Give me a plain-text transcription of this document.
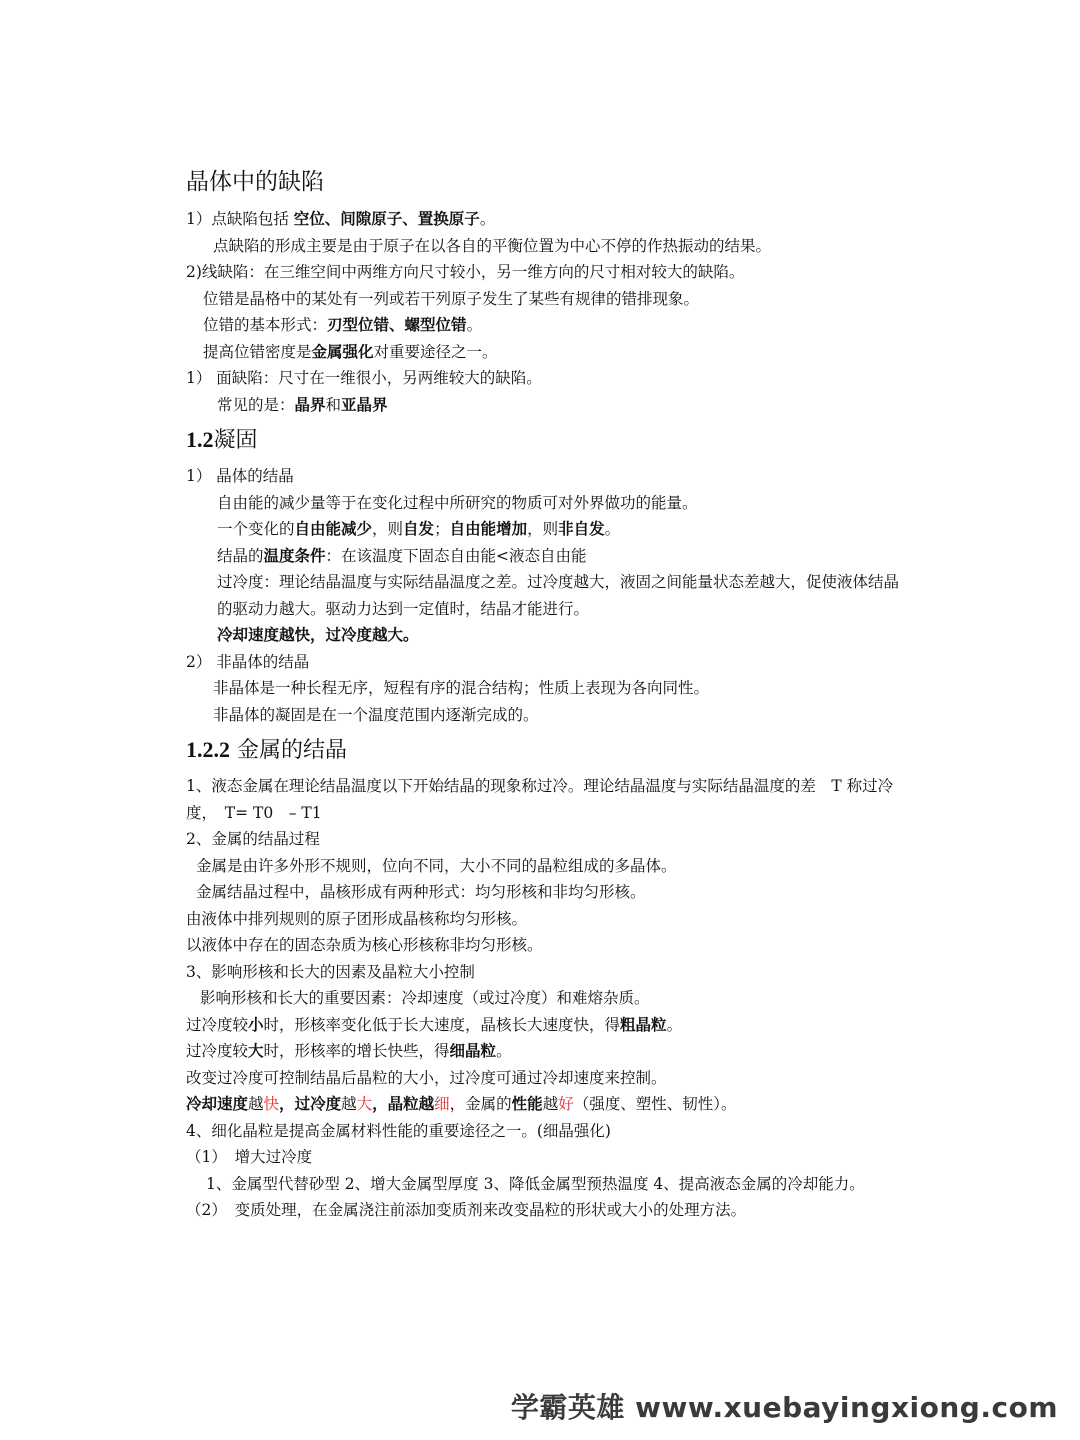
晶体中的缺陷
1）点缺陷包括 空位、间隙原子、置换原子。
点缺陷的形成主要是由于原子在以各自的平衡位置为中心不停的作热振动的结果。
2)线缺陷：在三维空间中两维方向尺寸较小，另一维方向的尺寸相对较大的缺陷。
位错是晶格中的某处有一列或若干列原子发生了某些有规律的错排现象。
位错的基本形式：刃型位错、螺型位错。
提高位错密度是金属强化对重要途径之一。
1） 面缺陷：尺寸在一维很小，另两维较大的缺陷。
常见的是：晶界和亚晶界
1.2凝固
1） 晶体的结晶
自由能的减少量等于在变化过程中所研究的物质可对外界做功的能量。
一个变化的自由能减少，则自发；自由能增加，则非自发。
结晶的温度条件：在该温度下固态自由能<液态自由能
过冷度：理论结晶温度与实际结晶温度之差。过冷度越大，液固之间能量状态差越大，促使液体结晶的驱动力越大。驱动力达到一定值时，结晶才能进行。
冷却速度越快，过冷度越大。
2） 非晶体的结晶
非晶体是一种长程无序，短程有序的混合结构；性质上表现为各向同性。
非晶体的凝固是在一个温度范围内逐渐完成的。
1.2.2 金属的结晶
1、液态金属在理论结晶温度以下开始结晶的现象称过冷。理论结晶温度与实际结晶温度的差　T 称过冷度，　T= T0　– T1
2、金属的结晶过程
金属是由许多外形不规则，位向不同，大小不同的晶粒组成的多晶体。
金属结晶过程中，晶核形成有两种形式：均匀形核和非均匀形核。
由液体中排列规则的原子团形成晶核称均匀形核。
以液体中存在的固态杂质为核心形核称非均匀形核。
3、影响形核和长大的因素及晶粒大小控制
影响形核和长大的重要因素：冷却速度（或过冷度）和难熔杂质。
过冷度较小时，形核率变化低于长大速度，晶核长大速度快，得粗晶粒。
过冷度较大时，形核率的增长快些，得细晶粒。
改变过冷度可控制结晶后晶粒的大小，过冷度可通过冷却速度来控制。
冷却速度越快，过冷度越大，晶粒越细，金属的性能越好（强度、塑性、韧性）。
4、细化晶粒是提高金属材料性能的重要途径之一。(细晶强化)
（1）　增大过冷度
1、金属型代替砂型 2、增大金属型厚度 3、降低金属型预热温度 4、提高液态金属的冷却能力。
（2）　变质处理，在金属浇注前添加变质剂来改变晶粒的形状或大小的处理方法。
学霸英雄 www.xuebayingxiong.com
